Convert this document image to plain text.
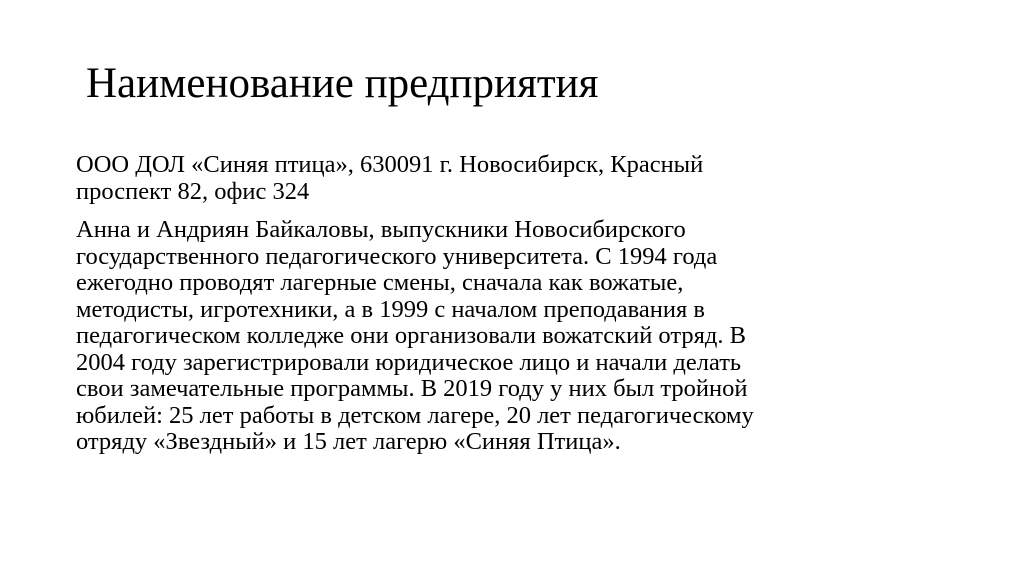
Наименование предприятия

ООО ДОЛ «Синяя птица», 630091 г. Новосибирск, Красный
проспект 82, офис 324

Анна и Андриян Байкаловы, выпускники Новосибирского
государственного педагогического университета. С 1994 года
ежегодно проводят лагерные смены, сначала как вожатые,
методисты, игротехники, а в 1999 с началом преподавания в
педагогическом колледже они организовали вожатский отряд. В
2004 году зарегистрировали юридическое лицо и начали делать
свои замечательные программы. В 2019 году у них был тройной
юбилей: 25 лет работы в детском лагере, 20 лет педагогическому
отряду «Звездный» и 15 лет лагерю «Синяя Птица».
